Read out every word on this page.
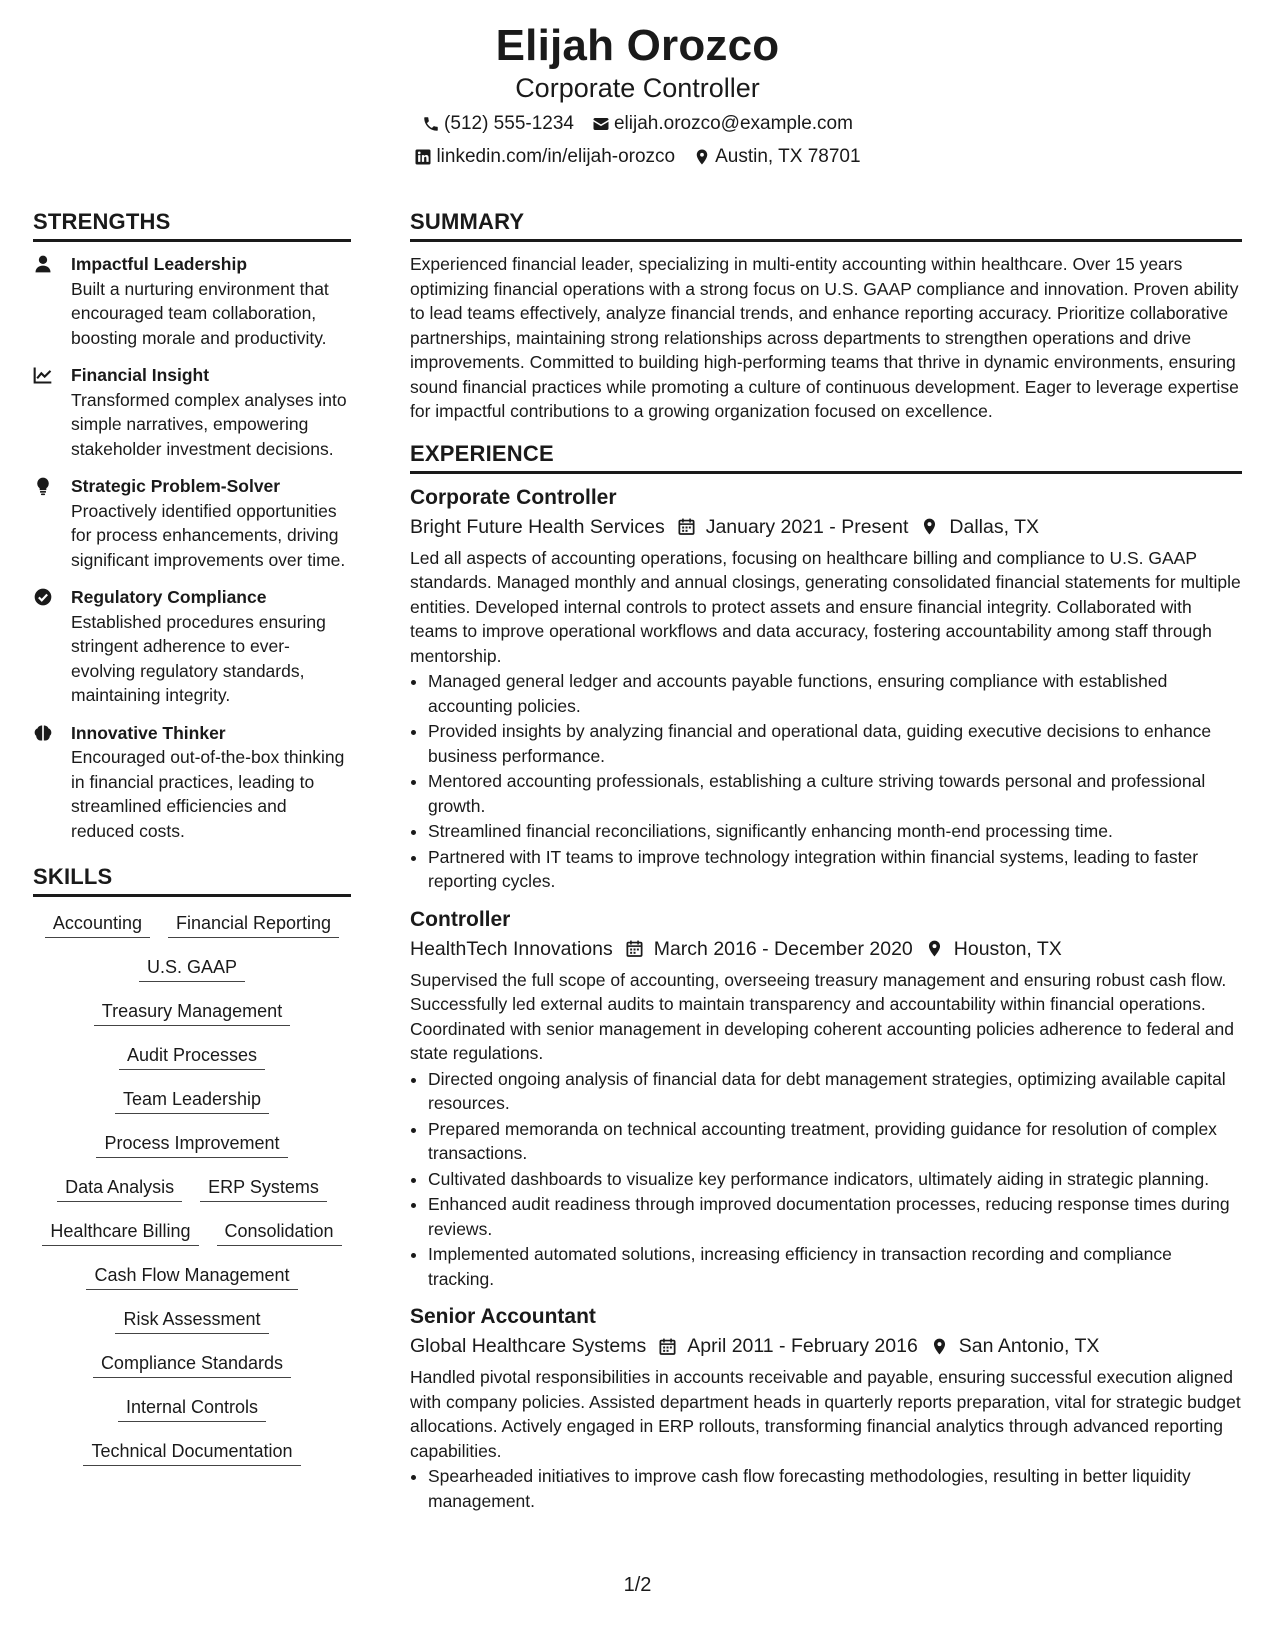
Elijah Orozco
Corporate Controller
(512) 555-1234 elijah.orozco@example.com
linkedin.com/in/elijah-orozco Austin, TX 78701
STRENGTHS
Impactful Leadership
Built a nurturing environment that encouraged team collaboration, boosting morale and productivity.
Financial Insight
Transformed complex analyses into simple narratives, empowering stakeholder investment decisions.
Strategic Problem-Solver
Proactively identified opportunities for process enhancements, driving significant improvements over time.
Regulatory Compliance
Established procedures ensuring stringent adherence to ever-evolving regulatory standards, maintaining integrity.
Innovative Thinker
Encouraged out-of-the-box thinking in financial practices, leading to streamlined efficiencies and reduced costs.
SKILLS
Accounting	Financial Reporting
U.S. GAAP
Treasury Management
Audit Processes
Team Leadership
Process Improvement
Data Analysis	ERP Systems
Healthcare Billing	Consolidation
Cash Flow Management
Risk Assessment
Compliance Standards
Internal Controls
Technical Documentation
SUMMARY
Experienced financial leader, specializing in multi-entity accounting within healthcare. Over 15 years optimizing financial operations with a strong focus on U.S. GAAP compliance and innovation. Proven ability to lead teams effectively, analyze financial trends, and enhance reporting accuracy. Prioritize collaborative partnerships, maintaining strong relationships across departments to strengthen operations and drive improvements. Committed to building high-performing teams that thrive in dynamic environments, ensuring sound financial practices while promoting a culture of continuous development. Eager to leverage expertise for impactful contributions to a growing organization focused on excellence.
EXPERIENCE
Corporate Controller
Bright Future Health Services January 2021 - Present Dallas, TX
Led all aspects of accounting operations, focusing on healthcare billing and compliance to U.S. GAAP standards. Managed monthly and annual closings, generating consolidated financial statements for multiple entities. Developed internal controls to protect assets and ensure financial integrity. Collaborated with teams to improve operational workflows and data accuracy, fostering accountability among staff through mentorship.
• Managed general ledger and accounts payable functions, ensuring compliance with established accounting policies.
• Provided insights by analyzing financial and operational data, guiding executive decisions to enhance business performance.
• Mentored accounting professionals, establishing a culture striving towards personal and professional growth.
• Streamlined financial reconciliations, significantly enhancing month-end processing time.
• Partnered with IT teams to improve technology integration within financial systems, leading to faster reporting cycles.
Controller
HealthTech Innovations March 2016 - December 2020 Houston, TX
Supervised the full scope of accounting, overseeing treasury management and ensuring robust cash flow. Successfully led external audits to maintain transparency and accountability within financial operations. Coordinated with senior management in developing coherent accounting policies adherence to federal and state regulations.
• Directed ongoing analysis of financial data for debt management strategies, optimizing available capital resources.
• Prepared memoranda on technical accounting treatment, providing guidance for resolution of complex transactions.
• Cultivated dashboards to visualize key performance indicators, ultimately aiding in strategic planning.
• Enhanced audit readiness through improved documentation processes, reducing response times during reviews.
• Implemented automated solutions, increasing efficiency in transaction recording and compliance tracking.
Senior Accountant
Global Healthcare Systems April 2011 - February 2016 San Antonio, TX
Handled pivotal responsibilities in accounts receivable and payable, ensuring successful execution aligned with company policies. Assisted department heads in quarterly reports preparation, vital for strategic budget allocations. Actively engaged in ERP rollouts, transforming financial analytics through advanced reporting capabilities.
• Spearheaded initiatives to improve cash flow forecasting methodologies, resulting in better liquidity management.
1/2
